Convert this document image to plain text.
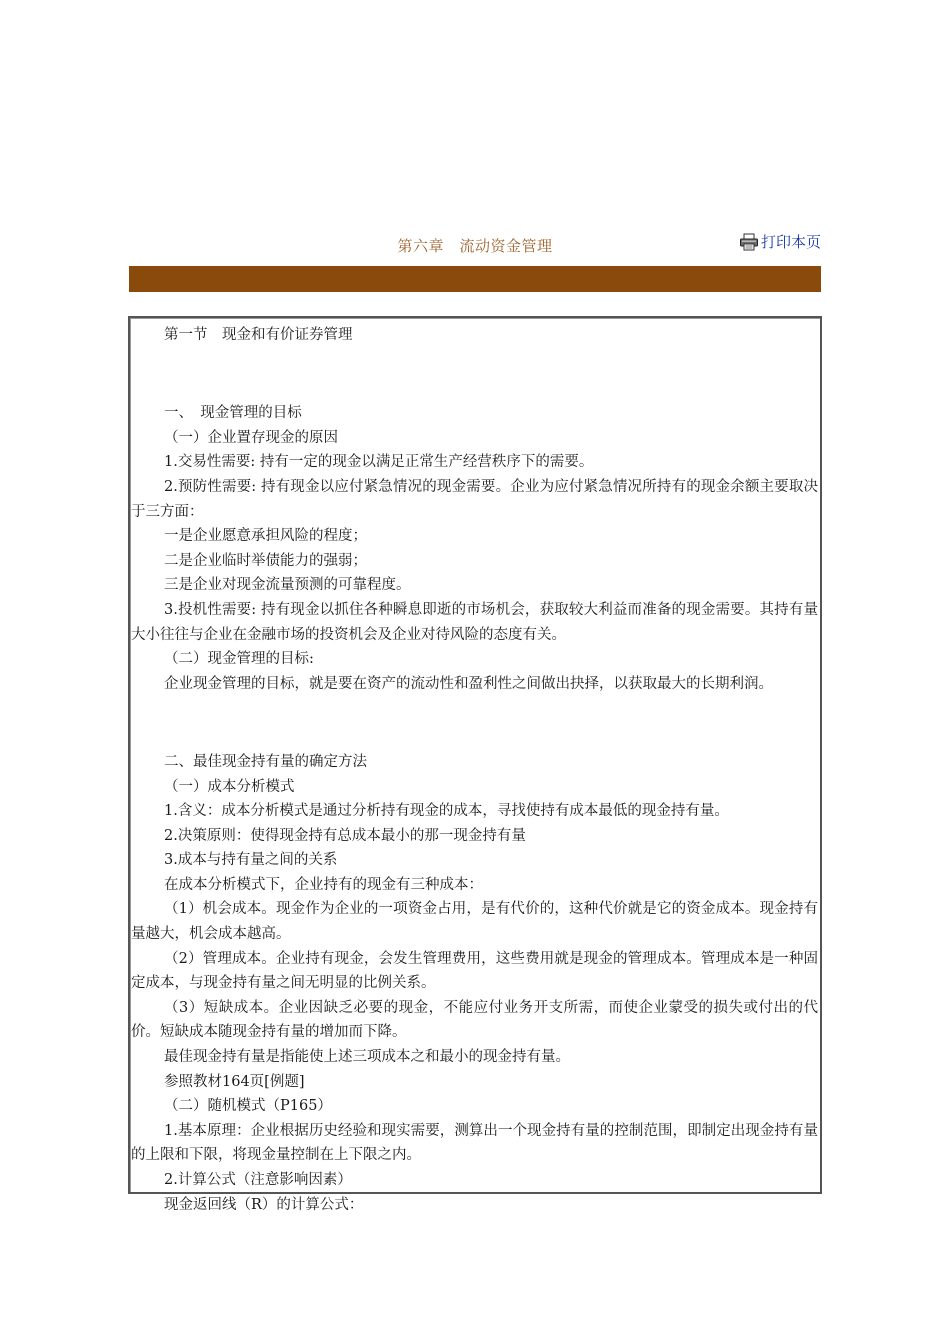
第六章　流动资金管理	打印本页

第一节　现金和有价证券管理

一、　现金管理的目标

（一）企业置存现金的原因

1.交易性需要: 持有一定的现金以满足正常生产经营秩序下的需要。

2.预防性需要: 持有现金以应付紧急情况的现金需要。企业为应付紧急情况所持有的现金余额主要取决于三方面：

一是企业愿意承担风险的程度；

二是企业临时举债能力的强弱；

三是企业对现金流量预测的可靠程度。

3.投机性需要: 持有现金以抓住各种瞬息即逝的市场机会，获取较大利益而准备的现金需要。其持有量大小往往与企业在金融市场的投资机会及企业对待风险的态度有关。

（二）现金管理的目标:

企业现金管理的目标，就是要在资产的流动性和盈利性之间做出抉择，以获取最大的长期利润。

二、最佳现金持有量的确定方法

（一）成本分析模式

1.含义：成本分析模式是通过分析持有现金的成本，寻找使持有成本最低的现金持有量。

2.决策原则：使得现金持有总成本最小的那一现金持有量

3.成本与持有量之间的关系

在成本分析模式下，企业持有的现金有三种成本：

（1）机会成本。现金作为企业的一项资金占用，是有代价的，这种代价就是它的资金成本。现金持有量越大，机会成本越高。

（2）管理成本。企业持有现金，会发生管理费用，这些费用就是现金的管理成本。管理成本是一种固定成本，与现金持有量之间无明显的比例关系。

（3）短缺成本。企业因缺乏必要的现金，不能应付业务开支所需，而使企业蒙受的损失或付出的代价。短缺成本随现金持有量的增加而下降。

最佳现金持有量是指能使上述三项成本之和最小的现金持有量。

参照教材164页[例题]

（二）随机模式（P165）

1.基本原理：企业根据历史经验和现实需要，测算出一个现金持有量的控制范围，即制定出现金持有量的上限和下限，将现金量控制在上下限之内。

2.计算公式（注意影响因素）

现金返回线（R）的计算公式：
